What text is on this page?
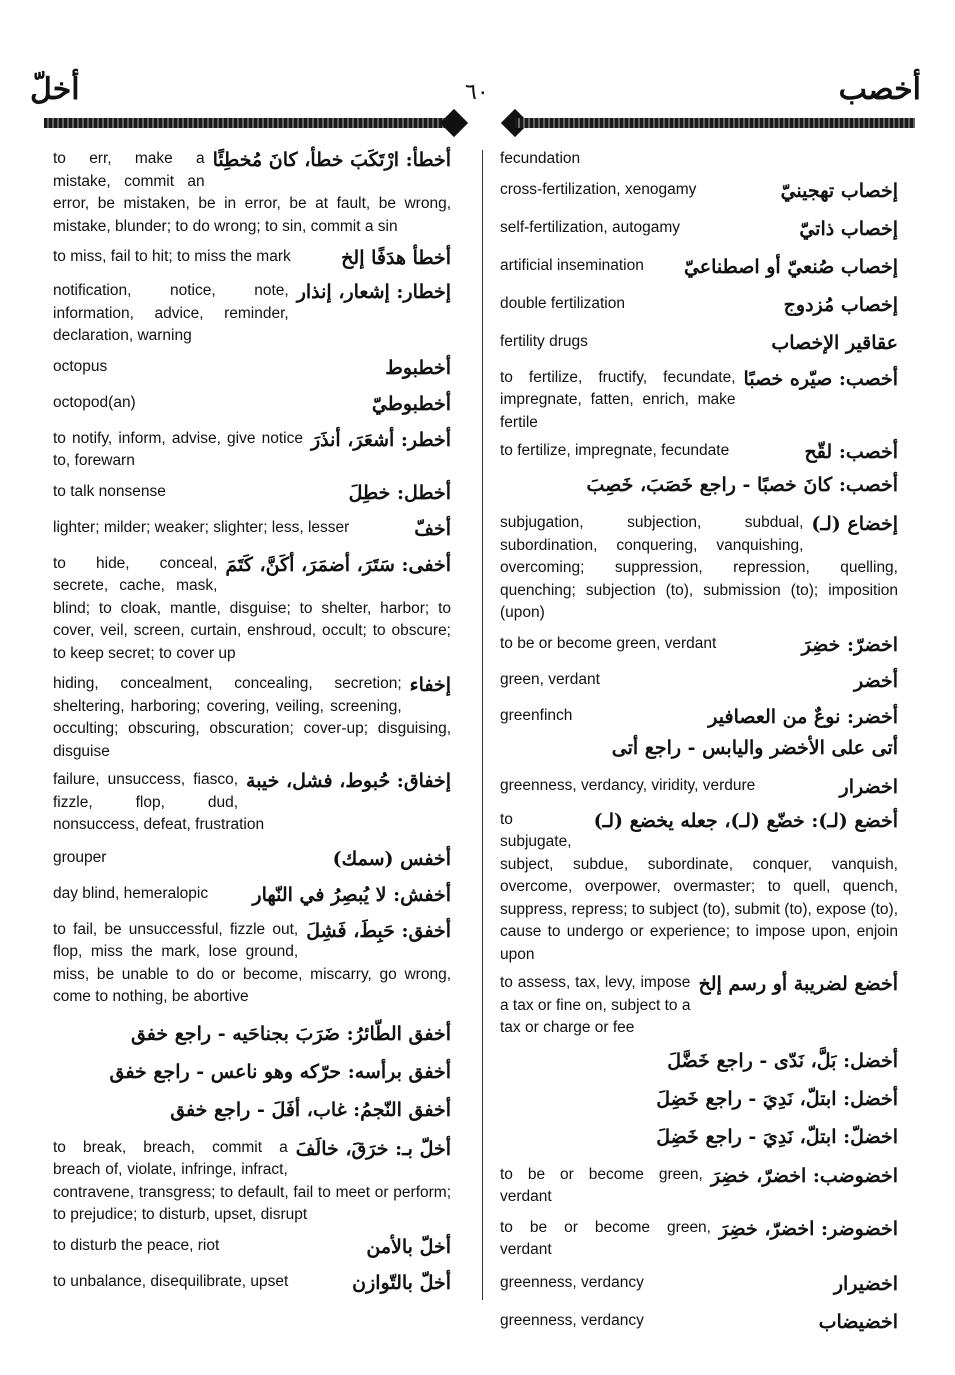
أخلّ	٦٠	أخصب
أخطأ: ارْتَكَبَ خطأ، كانَ مُخطِئًا
to err, make a mistake, commit an error, be mistaken, be in error, be at fault, be wrong, mistake, blunder; to do wrong; to sin, commit a sin
أخطأ هدَفًا إلخ
to miss, fail to hit; to miss the mark
إخطار: إشعار، إنذار
notification, notice, note, information, advice, reminder, declaration, warning
أخطبوط
octopus
أخطبوطيّ
octopod(an)
أخطر: أشعَرَ، أنذَرَ
to notify, inform, advise, give notice to, forewarn
أخطل: خطِلَ
to talk nonsense
أخفّ
lighter; milder; weaker; slighter; less, lesser
أخفى: سَتَرَ، أضمَرَ، أكَنَّ، كَتَمَ
to hide, conceal, secrete, cache, mask, blind; to cloak, mantle, disguise; to shelter, harbor; to cover, veil, screen, curtain, enshroud, occult; to obscure; to keep secret; to cover up
إخفاء
hiding, concealment, concealing, secretion; sheltering, harboring; covering, veiling, screening, occulting; obscuring, obscuration; cover-up; disguising, disguise
إخفاق: حُبوط، فشل، خيبة
failure, unsuccess, fiasco, fizzle, flop, dud, nonsuccess, defeat, frustration
أخفس (سمك)
grouper
أخفش: لا يُبصِرُ في النّهار
day blind, hemeralopic
أخفق: حَبِطَ، فَشِلَ
to fail, be unsuccessful, fizzle out, flop, miss the mark, lose ground, miss, be unable to do or become, miscarry, go wrong, come to nothing, be abortive
أخفق الطّائرُ: ضَرَبَ بجناحَيه - راجع خفق
أخفق برأسه: حرّكه وهو ناعس - راجع خفق
أخفق النّجمُ: غاب، أفَلَ - راجع خفق
أخلّ بـ: خرَقَ، خالَفَ
to break, breach, commit a breach of, violate, infringe, infract, contravene, transgress; to default, fail to meet or perform; to prejudice; to disturb, upset, disrupt
أخلّ بالأمن
to disturb the peace, riot
أخلّ بالتّوازن
to unbalance, disequilibrate, upset
fecundation
إخصاب تهجينيّ
cross-fertilization, xenogamy
إخصاب ذاتيّ
self-fertilization, autogamy
إخصاب صُنعيّ أو اصطناعيّ
artificial insemination
إخصاب مُزدوج
double fertilization
عقاقير الإخصاب
fertility drugs
أخصب: صيّره خصبًا
to fertilize, fructify, fecundate, impregnate, fatten, enrich, make fertile
أخصب: لقّح
to fertilize, impregnate, fecundate
أخصب: كانَ خصبًا - راجع خَصَبَ، خَصِبَ
إخضاع (لـ)
subjugation, subjection, subdual, subordination, conquering, vanquishing, overcoming; suppression, repression, quelling, quenching; subjection (to), submission (to); imposition (upon)
اخضرّ: خضِرَ
to be or become green, verdant
أخضر
green, verdant
أخضر: نوعٌ من العصافير
greenfinch
أتى على الأخضر واليابس - راجع أتى
اخضرار
greenness, verdancy, viridity, verdure
أخضع (لـ): خضّع (لـ)، جعله يخضع (لـ)
to subjugate, subject, subdue, subordinate, conquer, vanquish, overcome, overpower, overmaster; to quell, quench, suppress, repress; to subject (to), submit (to), expose (to), cause to undergo or experience; to impose upon, enjoin upon
أخضع لضريبة أو رسم إلخ
to assess, tax, levy, impose a tax or fine on, subject to a tax or charge or fee
أخضل: بَلَّ، نَدّى - راجع خَضَّلَ
أخضل: ابتلّ، نَدِيَ - راجع خَضِلَ
اخضلّ: ابتلّ، نَدِيَ - راجع خَضِلَ
اخضوضب: اخضرّ، خضِرَ
to be or become green, verdant
اخضوضر: اخضرّ، خضِرَ
to be or become green, verdant
اخضيرار
greenness, verdancy
اخضيضاب
greenness, verdancy
